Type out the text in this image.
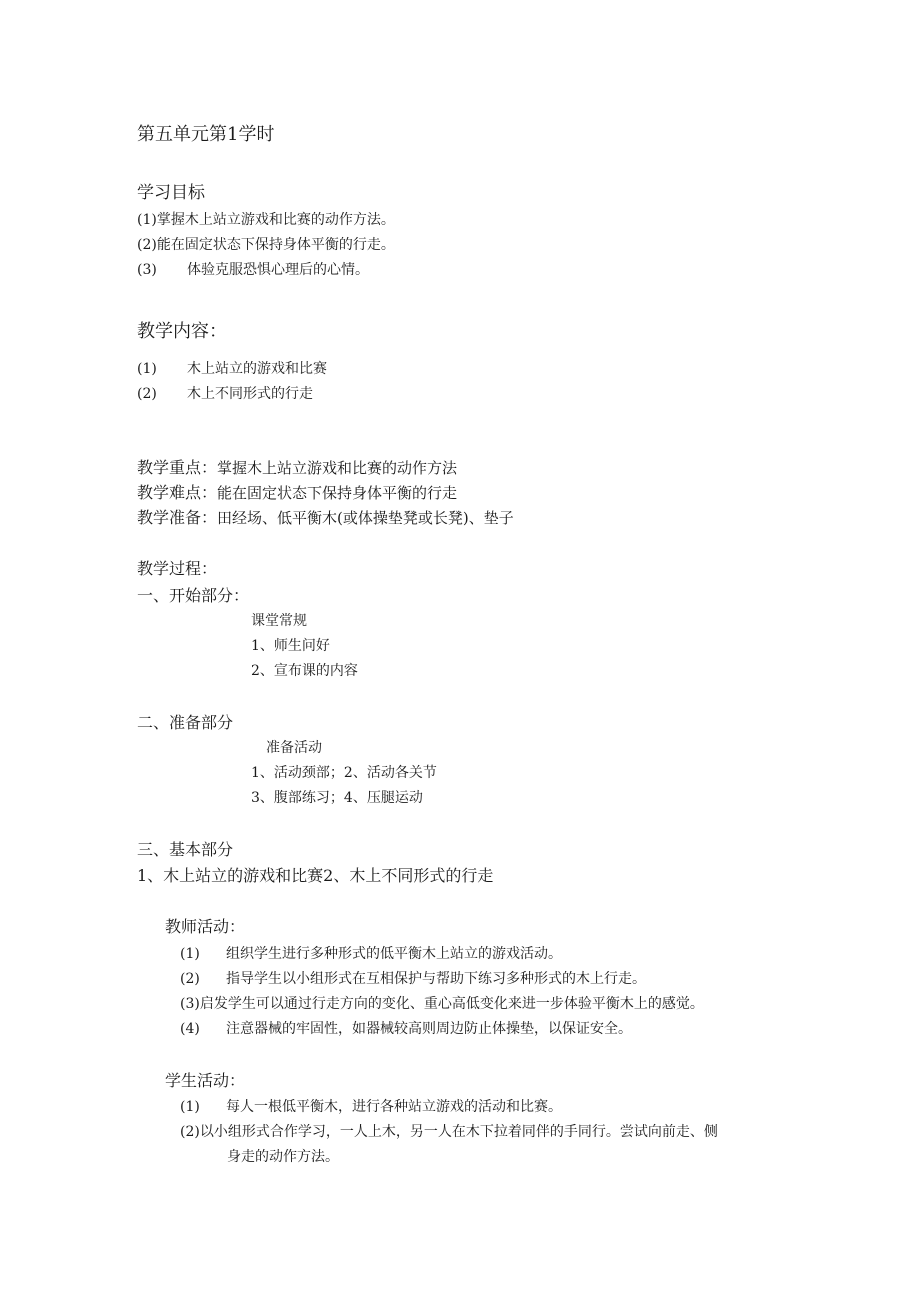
第五单元第1学时
学习目标
(1)掌握木上站立游戏和比赛的动作方法。
(2)能在固定状态下保持身体平衡的行走。
(3) 体验克服恐惧心理后的心情。
教学内容：
(1) 木上站立的游戏和比赛
(2) 木上不同形式的行走
教学重点：掌握木上站立游戏和比赛的动作方法
教学难点：能在固定状态下保持身体平衡的行走
教学准备：田经场、低平衡木(或体操垫凳或长凳)、垫子
教学过程：
一、开始部分：
课堂常规
1、师生问好
2、宣布课的内容
二、准备部分
准备活动
1、活动颈部；2、活动各关节
3、腹部练习；4、压腿运动
三、基本部分
1、木上站立的游戏和比赛2、木上不同形式的行走
教师活动：
(1) 组织学生进行多种形式的低平衡木上站立的游戏活动。
(2) 指导学生以小组形式在互相保护与帮助下练习多种形式的木上行走。
(3)启发学生可以通过行走方向的变化、重心高低变化来进一步体验平衡木上的感觉。
(4) 注意器械的牢固性，如器械较高则周边防止体操垫，以保证安全。
学生活动：
(1) 每人一根低平衡木，进行各种站立游戏的活动和比赛。
(2)以小组形式合作学习，一人上木，另一人在木下拉着同伴的手同行。尝试向前走、侧
身走的动作方法。
